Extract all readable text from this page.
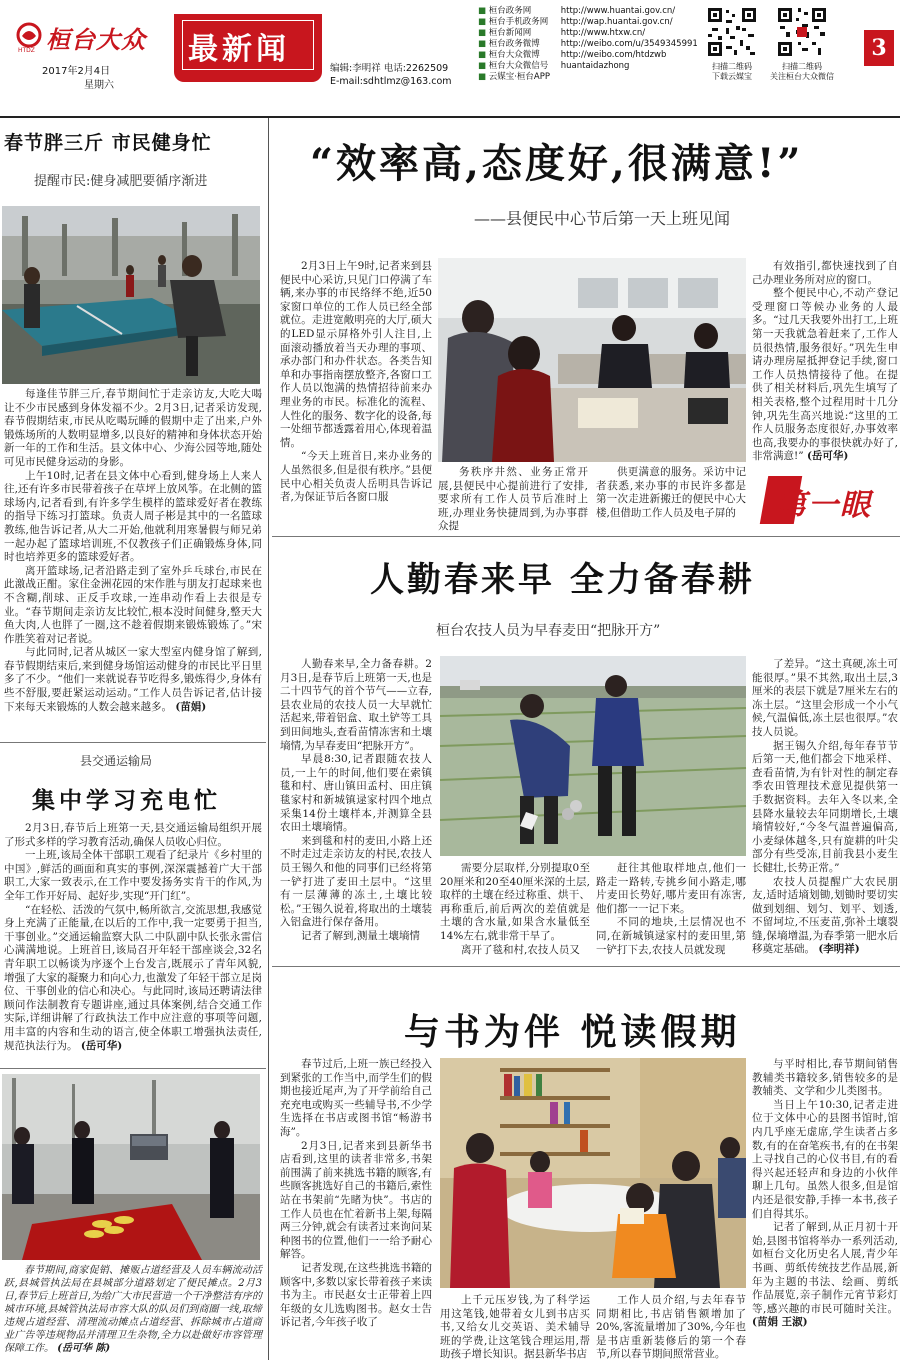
桓台大众
HTDZ
2017年2月4日
星期六
最新闻
编辑:李明祥 电话:2262509
E-mail:sdhtlmz@163.com
■ 桓台政务网	http://www.huantai.gov.cn/
■ 桓台手机政务网 http://wap.huantai.gov.cn/
■ 桓台新闻网	http://www.htxw.cn/
■ 桓台政务微博 http://weibo.com/u/3549345991
■ 桓台大众微博 http://weibo.com/htdzwb
■ 桓台大众微信号 huantaidazhong
■ 云媒宝·桓台APP
扫描二维码
下载云媒宝
扫描二维码
关注桓台大众微信
3
春节胖三斤 市民健身忙
提醒市民:健身减肥要循序渐进

每逢佳节胖三斤,春节期间忙于走亲访友,大吃大喝让不少市民感到身体发福不少。2月3日,记者采访发现,春节假期结束,市民从吃喝玩睡的假期中走了出来,户外锻炼场所的人数明显增多,以良好的精神和身体状态开始新一年的工作和生活。县文体中心、少海公园等地,随处可见市民健身运动的身影。

上午10时,记者在县文体中心看到,健身场上人来人往,还有许多市民带着孩子在草坪上放风筝。在北侧的篮球场内,记者看到,有许多学生模样的篮球爱好者在教练的指导下练习打篮球。负责人周子彬是其中的一名篮球教练,他告诉记者,从大二开始,他就利用寒暑假与师兄弟一起办起了篮球培训班,不仅教孩子们正确锻炼身体,同时也培养更多的篮球爱好者。

离开篮球场,记者沿路走到了室外乒乓球台,市民在此激战正酣。家住金洲花园的宋作胜与朋友打起球来也不含糊,削球、正反手攻球,一连串动作看上去很是专业。“春节期间走亲访友比较忙,根本没时间健身,整天大鱼大肉,人也胖了一圈,这不趁着假期来锻炼锻炼了。”宋作胜笑着对记者说。

与此同时,记者从城区一家大型室内健身馆了解到,春节假期结束后,来到健身场馆运动健身的市民比平日里多了不少。“他们一来就说春节吃得多,锻炼得少,身体有些不舒服,要赶紧运动运动。”工作人员告诉记者,估计接下来每天来锻炼的人数会越来越多。 (苗娟)

县交通运输局
集中学习充电忙

2月3日,春节后上班第一天,县交通运输局组织开展了形式多样的学习教育活动,确保人员收心归位。

一上班,该局全体干部职工观看了纪录片《乡村里的中国》,鲜活的画面和真实的事例,深深震撼着广大干部职工,大家一致表示,在工作中要发扬务实肯干的作风,为全年工作开好局、起好步,实现“开门红”。

“在轻松、活泼的气氛中,畅所欲言,交流思想,我感觉身上充满了正能量,在以后的工作中,我一定要勇于担当,干事创业。”交通运输监察大队二中队副中队长张永雷信心满满地说。上班首日,该局召开年轻干部座谈会,32名青年职工以畅谈为序逐个上台发言,既展示了青年风貌,增强了大家的凝聚力和向心力,也激发了年轻干部立足岗位、干事创业的信心和决心。与此同时,该局还聘请法律顾问作法制教育专题讲座,通过具体案例,结合交通工作实际,详细讲解了行政执法工作中应注意的事项等问题,用丰富的内容和生动的语言,使全体职工增强执法责任,规范执法行为。 (岳可华)

春节期间,商家促销、摊贩占道经营及人员车辆流动活跃,县城管执法局在县城部分道路划定了便民摊点。2月3日,春节后上班首日,为给广大市民营造一个干净整洁有序的城市环境,县城管执法局市容大队的队员们到商圈一线,取缔违规占道经营、清理流动摊点占道经营、拆除城市占道商业广告等违规物品并清理卫生杂物,全力以赴做好市容管理保障工作。 (岳可华 陈)

“效率高,态度好,很满意!”
——县便民中心节后第一天上班见闻

2月3日上午9时,记者来到县便民中心采访,只见门口停满了车辆,来办事的市民络绎不绝,近50家窗口单位的工作人员已经全部就位。走进宽敞明亮的大厅,硕大的LED显示屏格外引人注目,上面滚动播放着当天办理的事项、承办部门和办件状态。各类告知单和办事指南摆放整齐,各窗口工作人员以饱满的热情招待前来办理业务的市民。标准化的流程、人性化的服务、数字化的设备,每一处细节都透露着用心,体现着温情。

“今天上班首日,来办业务的人虽然很多,但是很有秩序。”县便民中心相关负责人岳明具告诉记者,为保证节后各窗口服

务秩序井然、业务正常开展,县便民中心提前进行了安排,要求所有工作人员节后准时上班,办理业务快捷周到,为办事群众提

供更满意的服务。采访中记者获悉,来办事的市民许多都是第一次走进新搬迁的便民中心大楼,但借助工作人员及电子屏的

有效指引,都快速找到了自己办理业务所对应的窗口。

整个便民中心,不动产登记受理窗口等候办业务的人最多。“过几天我要外出打工,上班第一天我就急着赶来了,工作人员很热情,服务很好。”巩先生申请办理房屋抵押登记手续,窗口工作人员热情接待了他。在提供了相关材料后,巩先生填写了相关表格,整个过程用时十几分钟,巩先生高兴地说:“这里的工作人员服务态度很好,办事效率也高,我要办的事很快就办好了,非常满意!” (岳可华)

第一眼
人勤春来早 全力备春耕
桓台农技人员为早春麦田“把脉开方”

人勤春来早,全力备春耕。2月3日,是春节后上班第一天,也是二十四节气的首个节气——立春,县农业局的农技人员一大早就忙活起来,带着铝盒、取土铲等工具到田间地头,查看苗情冻害和土壤墒情,为早春麦田“把脉开方”。

早晨8:30,记者跟随农技人员,一上午的时间,他们要在索镇毯和村、唐山镇田孟村、田庄镇毯家村和新城镇逯家村四个地点采集14份土壤样本,并测算全县农田土壤墒情。

来到毯和村的麦田,小路上还不时走过走亲访友的村民,农技人员王锡久和他的同事们已经将第一铲打进了麦田土层中。“这里有一层薄薄的冻土,土壤比较松。”王锡久说着,将取出的土壤装入铝盒进行保存备用。

记者了解到,测量土壤墒情

需要分层取样,分别提取0至20厘米和20至40厘米深的土层,取样的土壤在经过称重、烘干、再称重后,前后两次的差值就是土壤的含水量,如果含水量低至14%左右,就非常干旱了。

离开了毯和村,农技人员又

赶往其他取样地点,他们一路走一路转,专挑乡间小路走,哪片麦田长势好,哪片麦田有冻害,他们都一一记下来。

不同的地块,土层情况也不同,在新城镇逯家村的麦田里,第一铲打下去,农技人员就发现

了差异。“这土真硬,冻土可能很厚。”果不其然,取出土层,3厘米的表层下就是7厘米左右的冻土层。“这里会形成一个小气候,气温偏低,冻土层也很厚。”农技人员说。

据王锡久介绍,每年春节节后第一天,他们都会下地采样、查看苗情,为有针对性的制定春季农田管理技术意见提供第一手数据资料。去年入冬以来,全县降水量较去年同期增长,土壤墒情较好,“今冬气温普遍偏高,小麦绿体越冬,只有旋耕的叶尖部分有些受冻,目前我县小麦生长健壮,长势正常。”

农技人员提醒广大农民朋友,适时适墒划锄,划锄时要切实做到划细、划匀、划平、划透,不留坷垃,不压麦苗,弥补土壤裂缝,保墒增温,为春季第一肥水后移奠定基础。 (李明祥)

与书为伴 悦读假期

春节过后,上班一族已经投入到紧张的工作当中,而学生们的假期也接近尾声,为了开学前给自己充充电或购买一些辅导书,不少学生选择在书店或图书馆“畅游书海”。

2月3日,记者来到县新华书店看到,这里的读者非常多,书架前围满了前来挑选书籍的顾客,有些顾客挑选好自己的书籍后,索性站在书架前“先睹为快”。书店的工作人员也在忙着新书上架,每隔两三分钟,就会有读者过来询问某种图书的位置,他们一一给予耐心解答。

记者发现,在这些挑选书籍的顾客中,多数以家长带着孩子来读书为主。市民赵女士正带着上四年级的女儿选购图书。赵女士告诉记者,今年孩子收了

上千元压岁钱,为了科学运用这笔钱,她带着女儿到书店买书,又给女儿交英语、美术辅导班的学费,让这笔钱合理运用,帮助孩子增长知识。据县新华书店

工作人员介绍,与去年春节同期相比,书店销售额增加了20%,客流量增加了30%,今年也是书店重新装修后的第一个春节,所以春节期间照常营业。

与平时相比,春节期间销售教辅类书籍较多,销售较多的是教辅类、文学和少儿类图书。

当日上午10:30,记者走进位于文体中心的县图书馆时,馆内几乎座无虚席,学生读者占多数,有的在奋笔疾书,有的在书架上寻找自己的心仪书目,有的看得兴起还轻声和身边的小伙伴聊上几句。虽然人很多,但是馆内还是很安静,手捧一本书,孩子们自得其乐。

记者了解到,从正月初十开始,县图书馆将举办一系列活动,如桓台文化历史名人展,青少年书画、剪纸传统技艺作品展,新年为主题的书法、绘画、剪纸作品展览,亲子制作元宵节彩灯等,感兴趣的市民可随时关注。 (苗娟 王淑)
